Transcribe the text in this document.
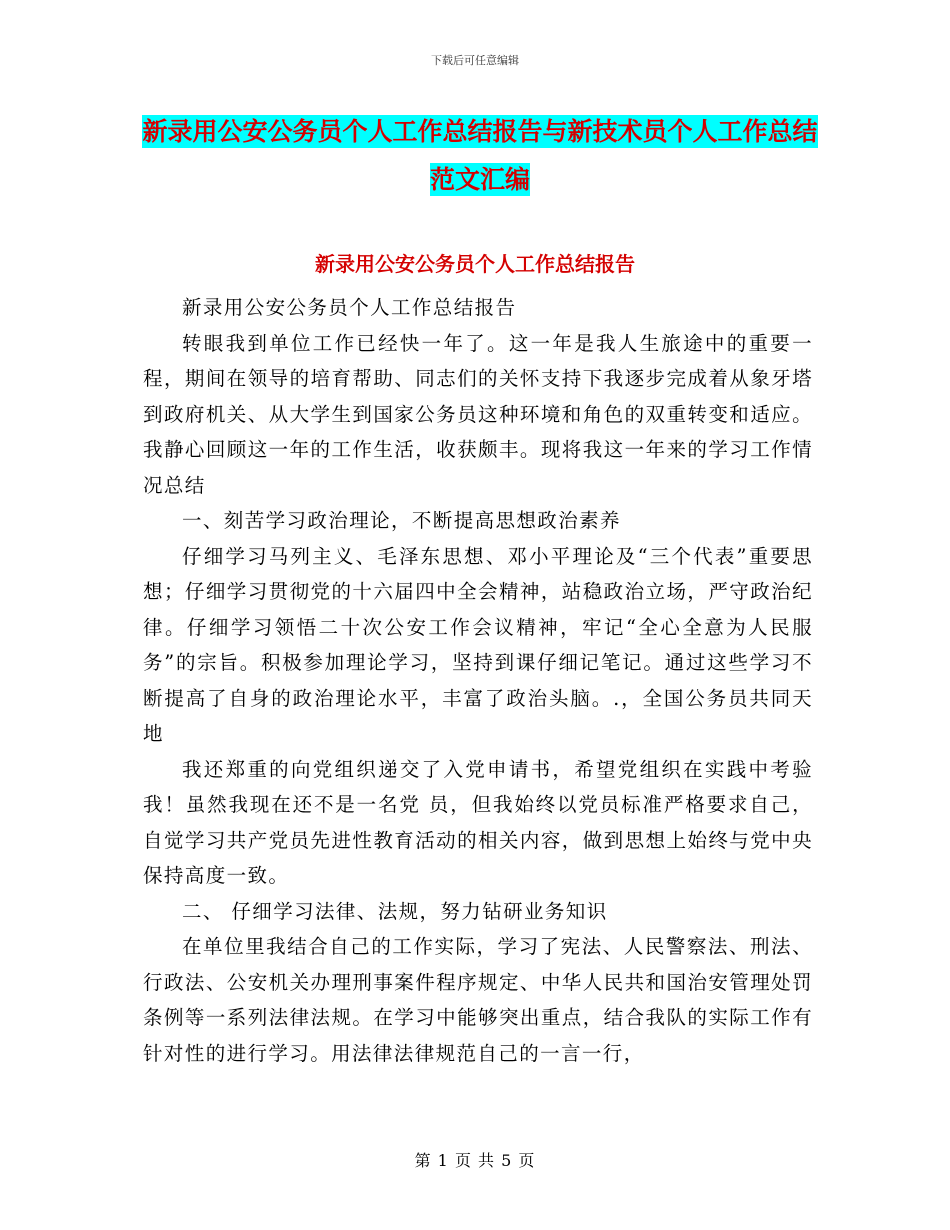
下载后可任意编辑
新录用公安公务员个人工作总结报告与新技术员个人工作总结范文汇编
新录用公安公务员个人工作总结报告

新录用公安公务员个人工作总结报告

转眼我到单位工作已经快一年了。这一年是我人生旅途中的重要一程，期间在领导的培育帮助、同志们的关怀支持下我逐步完成着从象牙塔到政府机关、从大学生到国家公务员这种环境和角色的双重转变和适应。我静心回顾这一年的工作生活，收获颇丰。现将我这一年来的学习工作情况总结

一、刻苦学习政治理论，不断提高思想政治素养

仔细学习马列主义、毛泽东思想、邓小平理论及“三个代表”重要思想；仔细学习贯彻党的十六届四中全会精神，站稳政治立场，严守政治纪律。仔细学习领悟二十次公安工作会议精神，牢记“全心全意为人民服务”的宗旨。积极参加理论学习，坚持到课仔细记笔记。通过这些学习不断提高了自身的政治理论水平，丰富了政治头脑。.，全国公务员共同天地

我还郑重的向党组织递交了入党申请书，希望党组织在实践中考验我！虽然我现在还不是一名党 员，但我始终以党员标准严格要求自己，自觉学习共产党员先进性教育活动的相关内容，做到思想上始终与党中央保持高度一致。

二、 仔细学习法律、法规，努力钻研业务知识

在单位里我结合自己的工作实际，学习了宪法、人民警察法、刑法、行政法、公安机关办理刑事案件程序规定、中华人民共和国治安管理处罚条例等一系列法律法规。在学习中能够突出重点，结合我队的实际工作有针对性的进行学习。用法律法律规范自己的一言一行，

第 1 页 共 5 页
